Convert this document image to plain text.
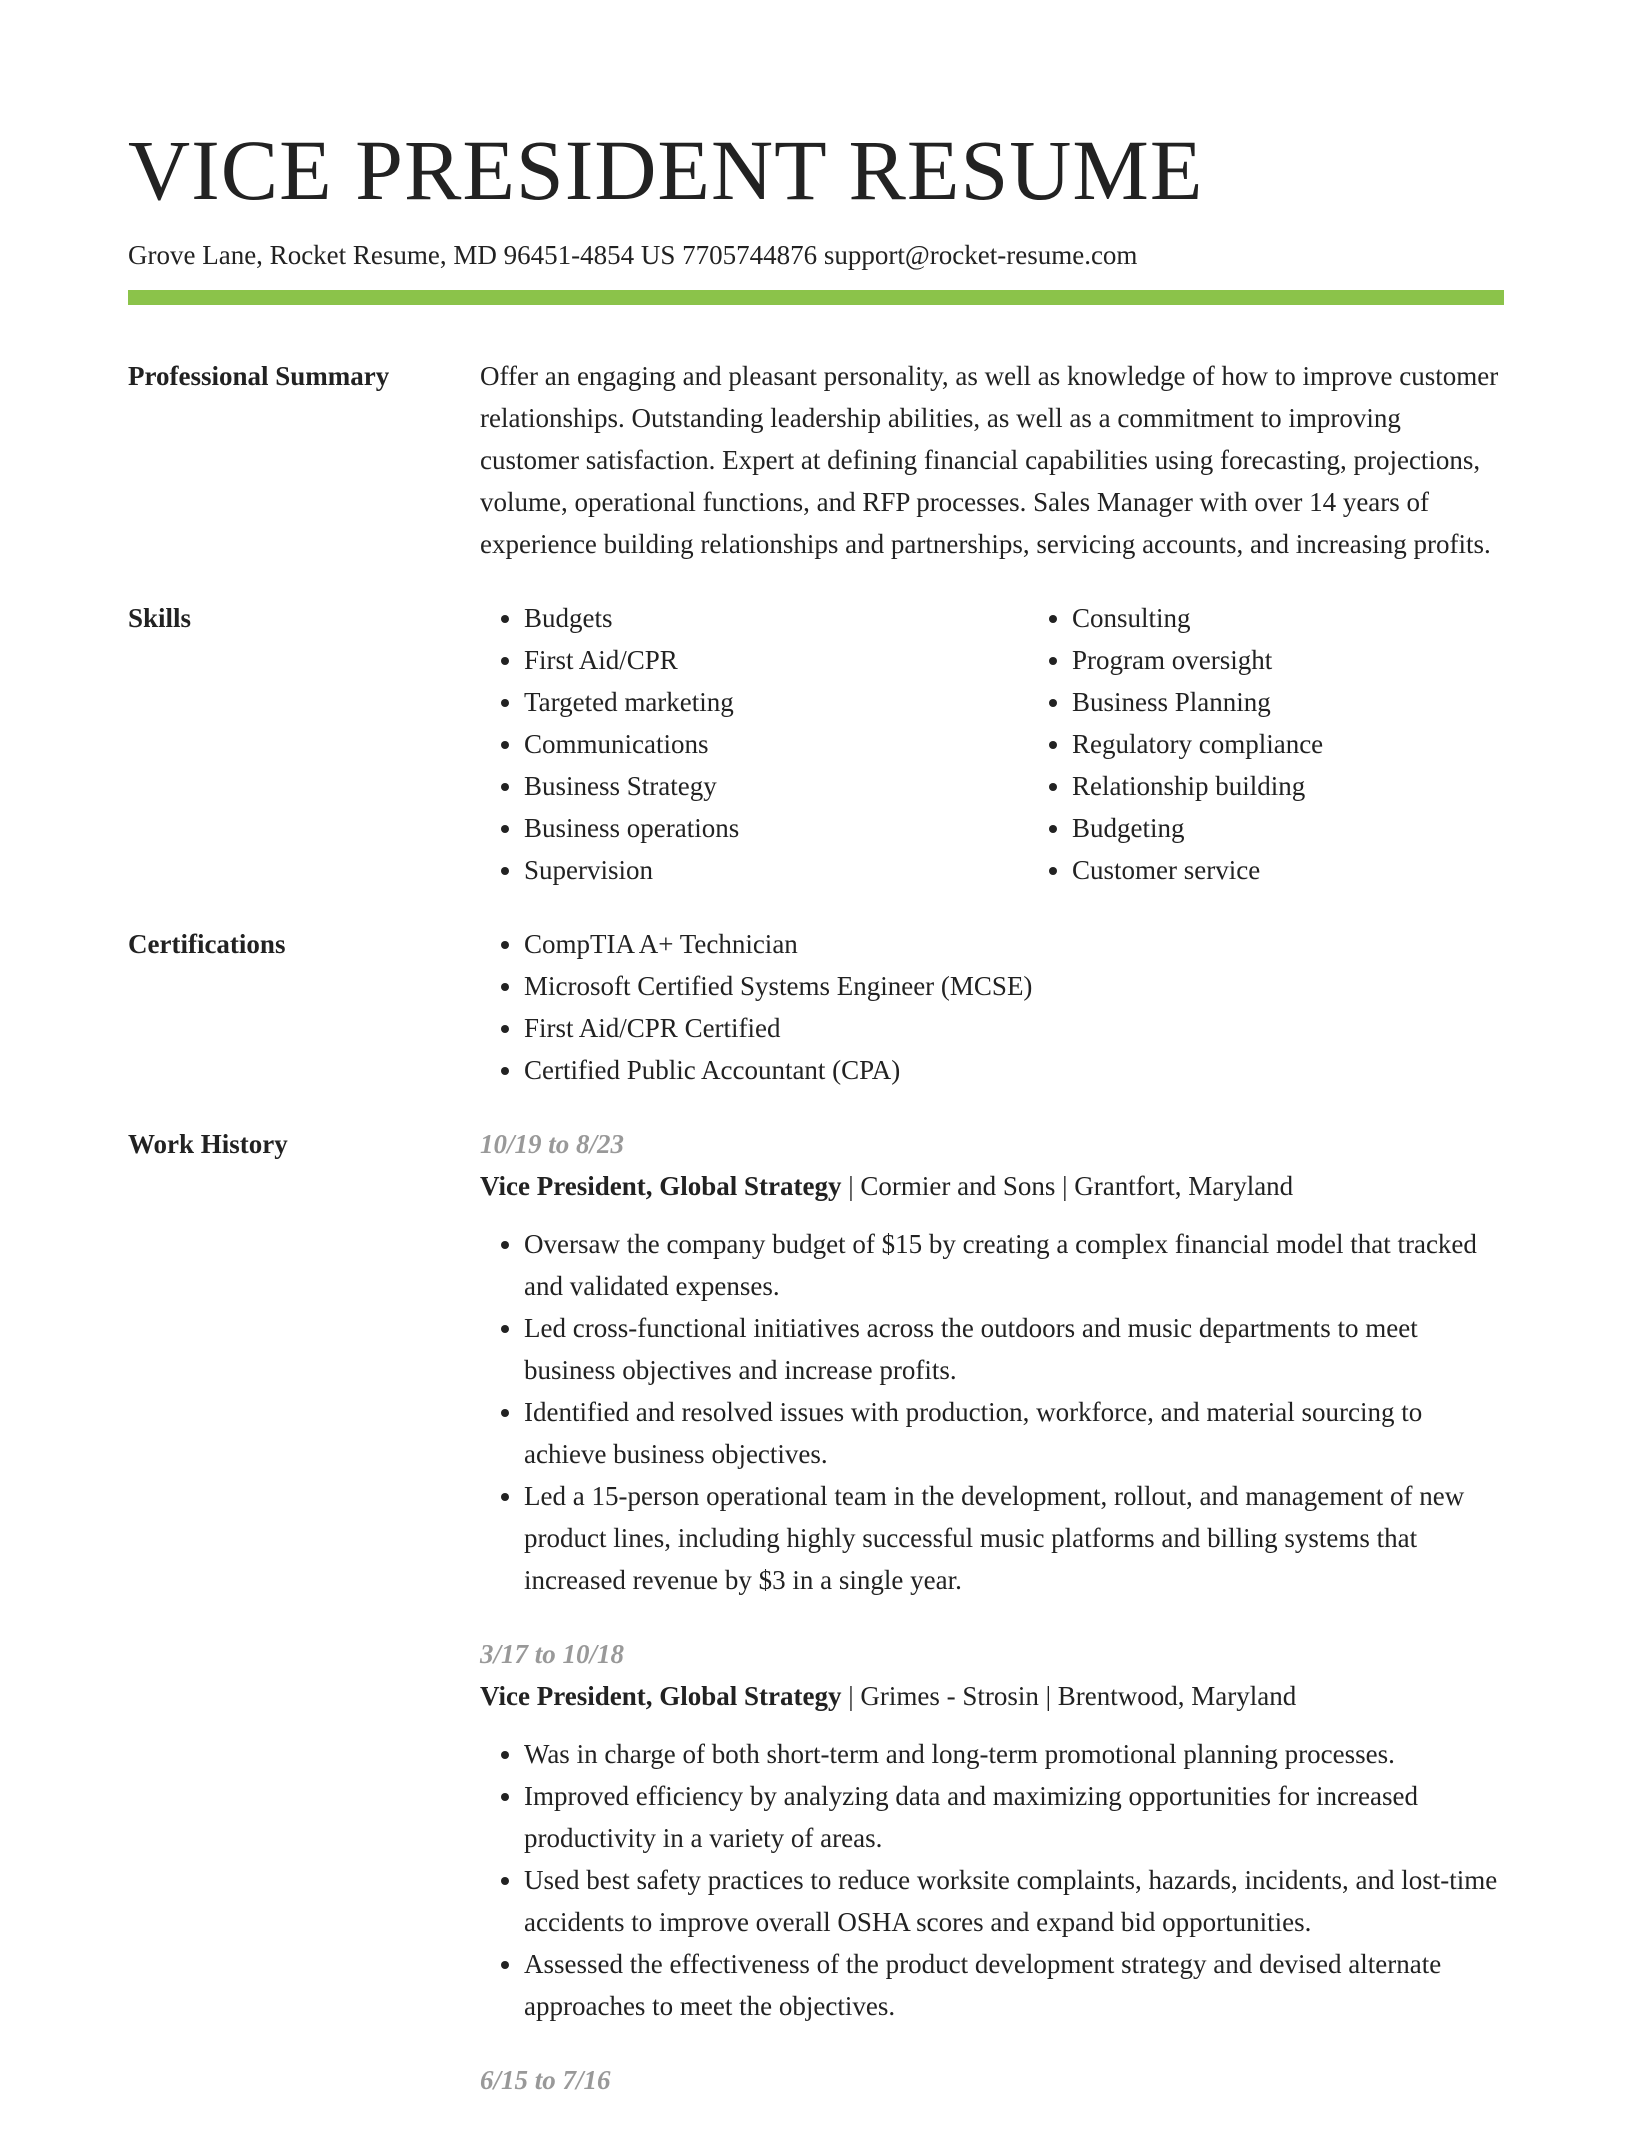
VICE PRESIDENT RESUME
Grove Lane, Rocket Resume, MD 96451-4854 US 7705744876 support@rocket-resume.com
Professional Summary	Offer an engaging and pleasant personality, as well as knowledge of how to improve customer relationships. Outstanding leadership abilities, as well as a commitment to improving customer satisfaction. Expert at defining financial capabilities using forecasting, projections, volume, operational functions, and RFP processes. Sales Manager with over 14 years of experience building relationships and partnerships, servicing accounts, and increasing profits.
Skills	• Budgets
• First Aid/CPR
• Targeted marketing
• Communications
• Business Strategy
• Business operations
• Supervision
• Consulting
• Program oversight
• Business Planning
• Regulatory compliance
• Relationship building
• Budgeting
• Customer service
Certifications	• CompTIA A+ Technician
• Microsoft Certified Systems Engineer (MCSE)
• First Aid/CPR Certified
• Certified Public Accountant (CPA)
Work History	10/19 to 8/23
Vice President, Global Strategy | Cormier and Sons | Grantfort, Maryland
• Oversaw the company budget of $15 by creating a complex financial model that tracked and validated expenses.
• Led cross-functional initiatives across the outdoors and music departments to meet business objectives and increase profits.
• Identified and resolved issues with production, workforce, and material sourcing to achieve business objectives.
• Led a 15-person operational team in the development, rollout, and management of new product lines, including highly successful music platforms and billing systems that increased revenue by $3 in a single year.
3/17 to 10/18
Vice President, Global Strategy | Grimes - Strosin | Brentwood, Maryland
• Was in charge of both short-term and long-term promotional planning processes.
• Improved efficiency by analyzing data and maximizing opportunities for increased productivity in a variety of areas.
• Used best safety practices to reduce worksite complaints, hazards, incidents, and lost-time accidents to improve overall OSHA scores and expand bid opportunities.
• Assessed the effectiveness of the product development strategy and devised alternate approaches to meet the objectives.
6/15 to 7/16
